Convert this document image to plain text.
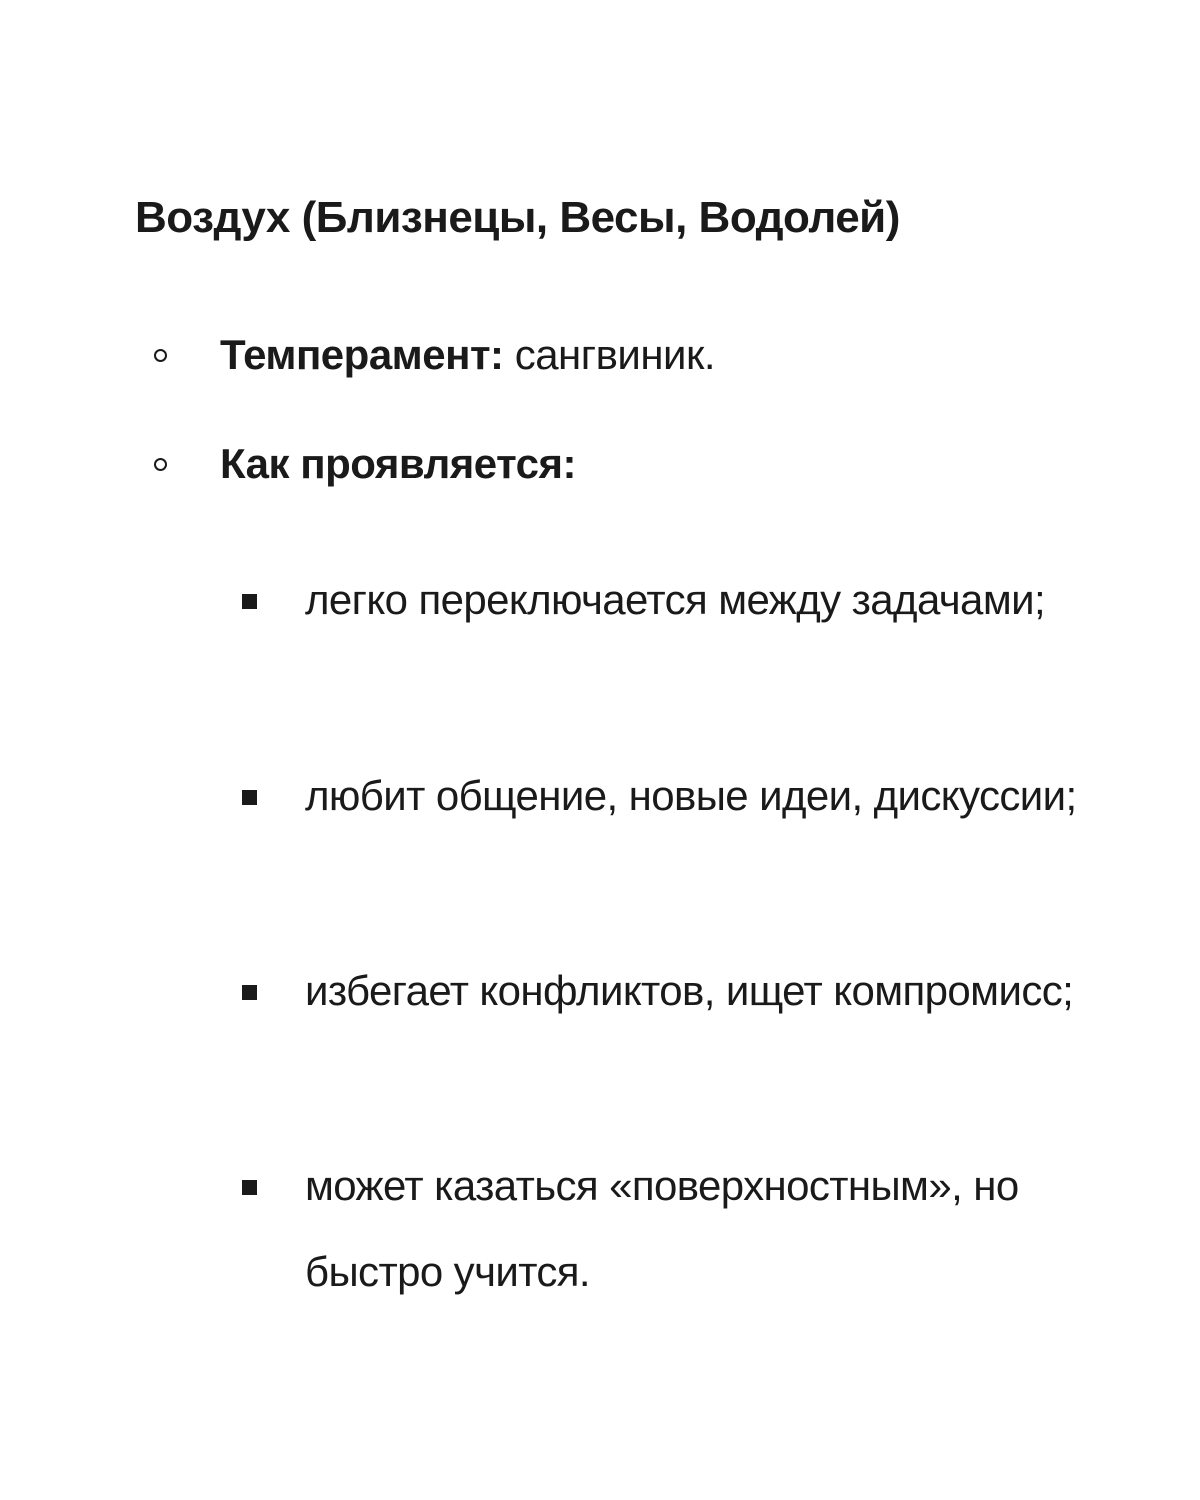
Воздух (Близнецы, Весы, Водолей)
Темперамент: сангвиник.
Как проявляется:
легко переключается между задачами;
любит общение, новые идеи, дискуссии;
избегает конфликтов, ищет компромисс;
может казаться «поверхностным», но быстро учится.
